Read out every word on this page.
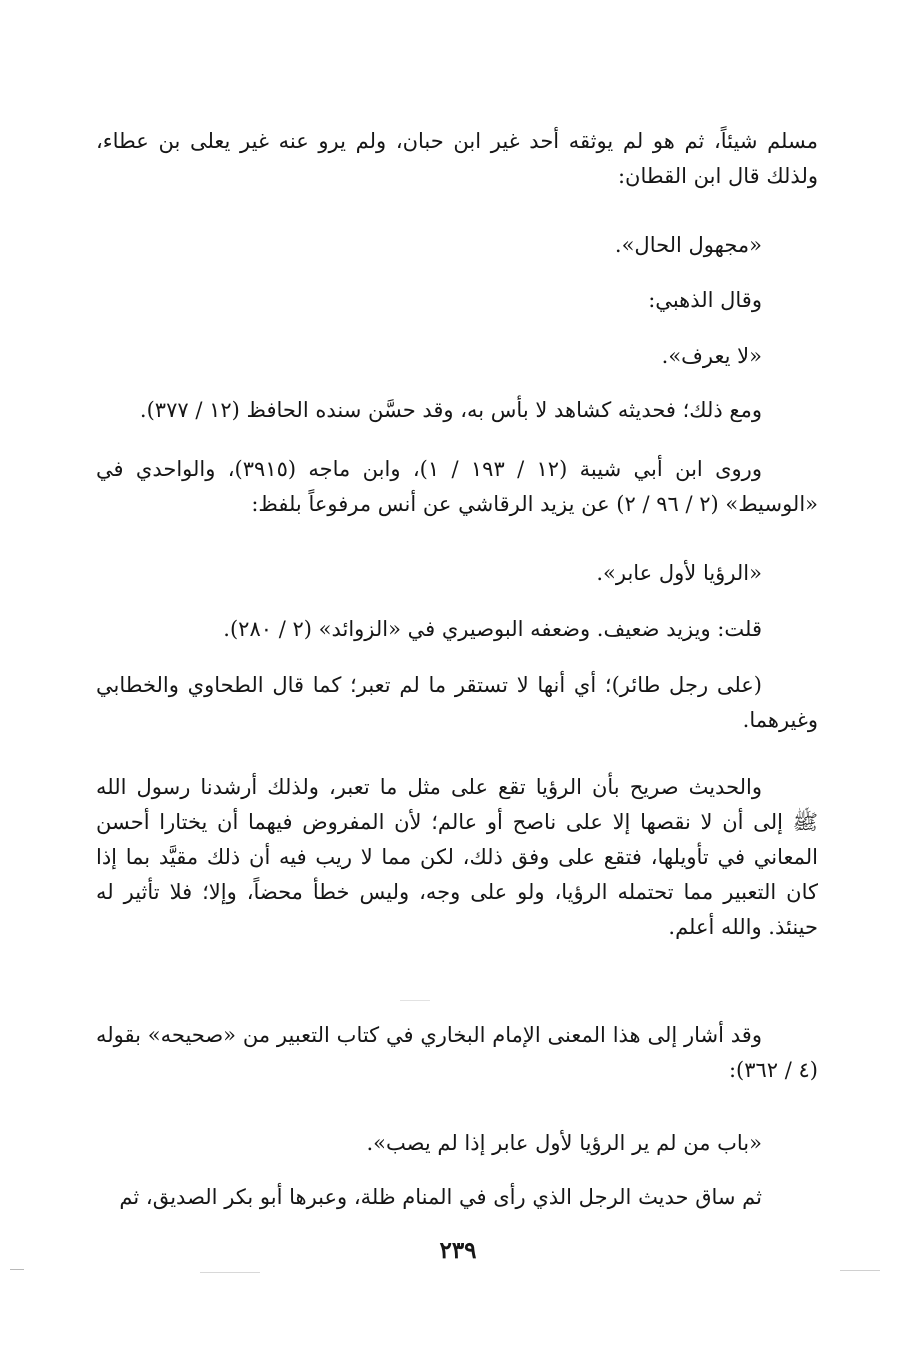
مسلم شيئاً، ثم هو لم يوثقه أحد غير ابن حبان، ولم يرو عنه غير يعلى بن عطاء،
ولذلك قال ابن القطان:
«مجهول الحال».
وقال الذهبي:
«لا يعرف».
ومع ذلك؛ فحديثه كشاهد لا بأس به، وقد حسَّن سنده الحافظ (١٢ / ٣٧٧).
وروى ابن أبي شيبة (١٢ / ١٩٣ / ١)، وابن ماجه (٣٩١٥)، والواحدي في
«الوسيط» (٢ / ٩٦ / ٢) عن يزيد الرقاشي عن أنس مرفوعاً بلفظ:
«الرؤيا لأول عابر».
قلت: ويزيد ضعيف. وضعفه البوصيري في «الزوائد» (٢ / ٢٨٠).
(على رجل طائر)؛ أي أنها لا تستقر ما لم تعبر؛ كما قال الطحاوي والخطابي
وغيرهما.
والحديث صريح بأن الرؤيا تقع على مثل ما تعبر، ولذلك أرشدنا رسول الله
ﷺ إلى أن لا نقصها إلا على ناصح أو عالم؛ لأن المفروض فيهما أن يختارا أحسن
المعاني في تأويلها، فتقع على وفق ذلك، لكن مما لا ريب فيه أن ذلك مقيَّد بما إذا
كان التعبير مما تحتمله الرؤيا، ولو على وجه، وليس خطأ محضاً، وإلا؛ فلا تأثير له
حينئذ. والله أعلم.
وقد أشار إلى هذا المعنى الإمام البخاري في كتاب التعبير من «صحيحه» بقوله
(٤ / ٣٦٢):
«باب من لم ير الرؤيا لأول عابر إذا لم يصب».
ثم ساق حديث الرجل الذي رأى في المنام ظلة، وعبرها أبو بكر الصديق، ثم
٢٣٩
